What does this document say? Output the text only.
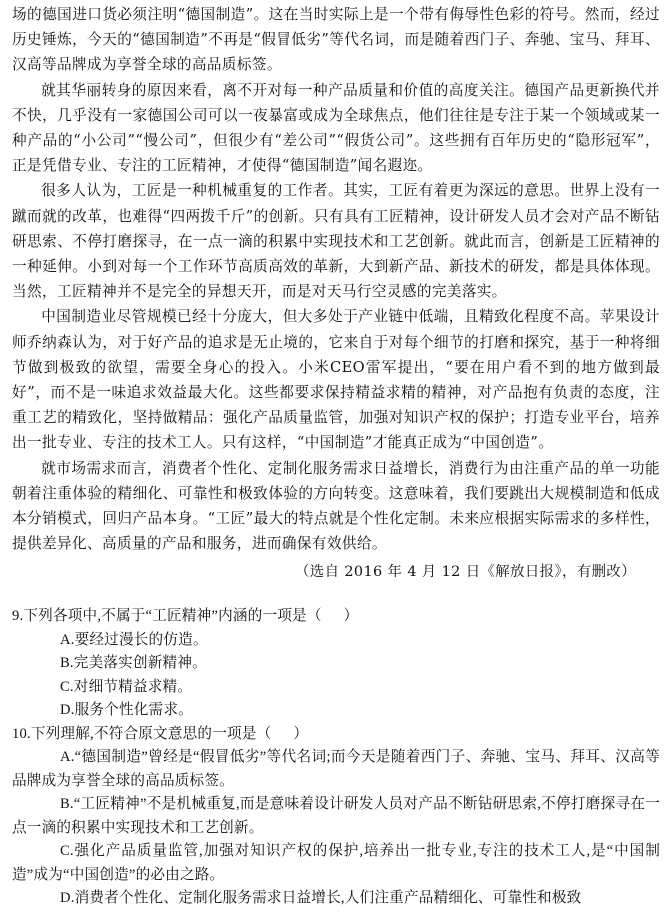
场的德国进口货必须注明“德国制造”。这在当时实际上是一个带有侮辱性色彩的符号。然而，经过历史锤炼，今天的“德国制造”不再是“假冒低劣”等代名词，而是随着西门子、奔驰、宝马、拜耳、汉高等品牌成为享誉全球的高品质标签。

就其华丽转身的原因来看，离不开对每一种产品质量和价值的高度关注。德国产品更新换代并不快，几乎没有一家德国公司可以一夜暴富或成为全球焦点，他们往往是专注于某一个领域或某一种产品的“小公司”“慢公司”，但很少有“差公司”“假货公司”。这些拥有百年历史的“隐形冠军”，正是凭借专业、专注的工匠精神，才使得“德国制造”闻名遐迩。

很多人认为，工匠是一种机械重复的工作者。其实，工匠有着更为深远的意思。世界上没有一蹴而就的改革，也难得“四两拨千斤”的创新。只有具有工匠精神，设计研发人员才会对产品不断钻研思索、不停打磨探寻，在一点一滴的积累中实现技术和工艺创新。就此而言，创新是工匠精神的一种延伸。小到对每一个工作环节高质高效的革新，大到新产品、新技术的研发，都是具体体现。当然，工匠精神并不是完全的异想天开，而是对天马行空灵感的完美落实。

中国制造业尽管规模已经十分庞大，但大多处于产业链中低端，且精致化程度不高。苹果设计师乔纳森认为，对于好产品的追求是无止境的，它来自于对每个细节的打磨和探究，基于一种将细节做到极致的欲望，需要全身心的投入。小米CEO雷军提出，“要在用户看不到的地方做到最好”，而不是一味追求效益最大化。这些都要求保持精益求精的精神，对产品抱有负责的态度，注重工艺的精致化，坚持做精品：强化产品质量监管，加强对知识产权的保护；打造专业平台，培养出一批专业、专注的技术工人。只有这样，“中国制造”才能真正成为“中国创造”。

就市场需求而言，消费者个性化、定制化服务需求日益增长，消费行为由注重产品的单一功能朝着注重体验的精细化、可靠性和极致体验的方向转变。这意味着，我们要跳出大规模制造和低成本分销模式，回归产品本身。“工匠”最大的特点就是个性化定制。未来应根据实际需求的多样性，提供差异化、高质量的产品和服务，进而确保有效供给。

（选自 2016 年 4 月 12 日《解放日报》，有删改）

9.下列各项中,不属于“工匠精神”内涵的一项是（ ）

A.要经过漫长的仿造。

B.完美落实创新精神。

C.对细节精益求精。

D.服务个性化需求。

10.下列理解,不符合原文意思的一项是（ ）

A.“德国制造”曾经是“假冒低劣”等代名词;而今天是随着西门子、奔驰、宝马、拜耳、汉高等品牌成为享誉全球的高品质标签。

B.“工匠精神”不是机械重复,而是意味着设计研发人员对产品不断钻研思索,不停打磨探寻在一点一滴的积累中实现技术和工艺创新。

C.强化产品质量监管,加强对知识产权的保护,培养出一批专业,专注的技术工人,是“中国制造”成为“中国创造”的必由之路。

D.消费者个性化、定制化服务需求日益增长,人们注重产品精细化、可靠性和极致
